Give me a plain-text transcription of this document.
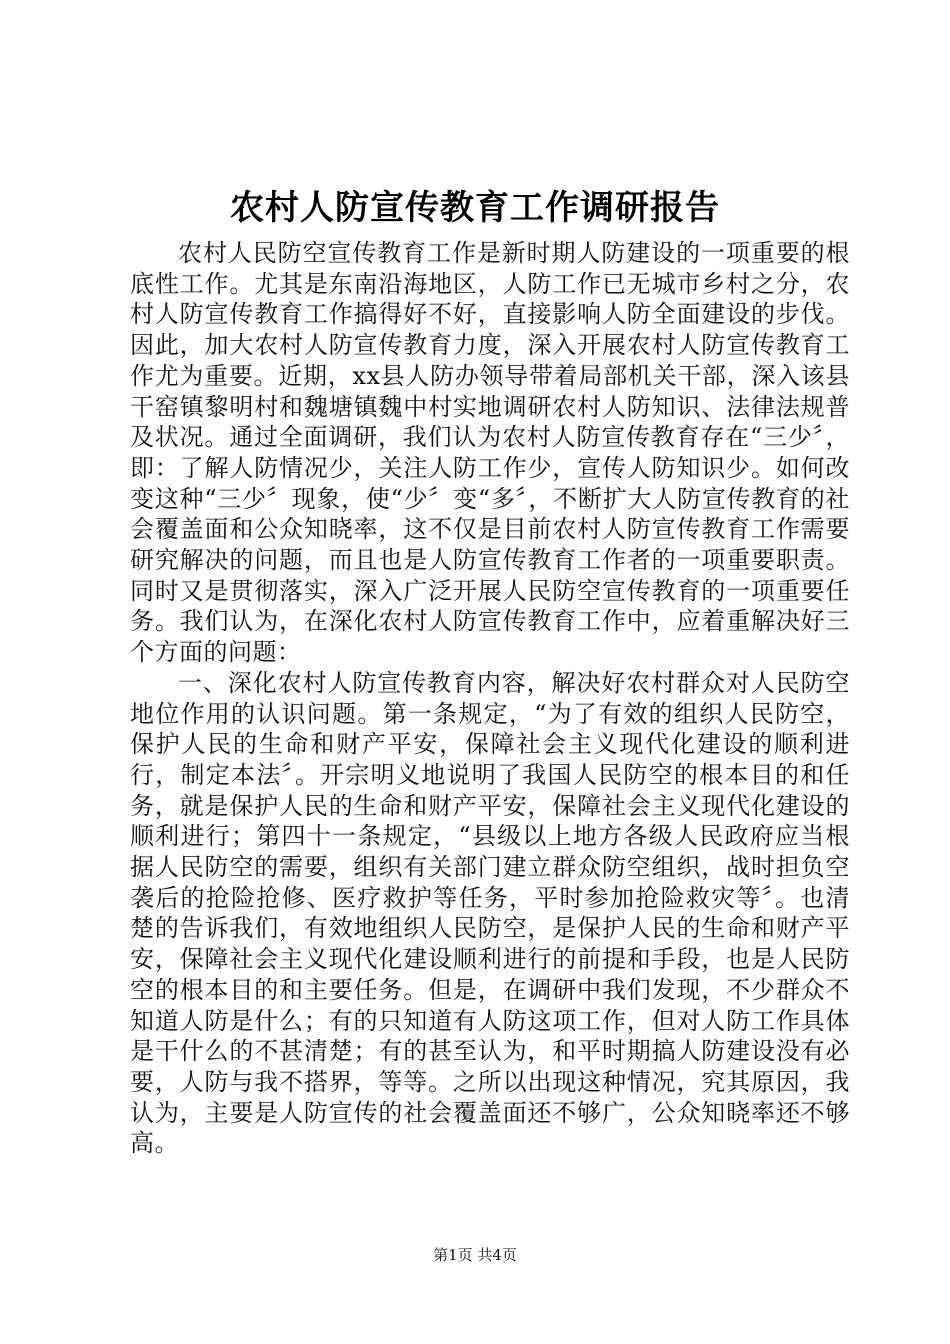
农村人防宣传教育工作调研报告

农村人民防空宣传教育工作是新时期人防建设的一项重要的根底性工作。尤其是东南沿海地区，人防工作已无城市乡村之分，农村人防宣传教育工作搞得好不好，直接影响人防全面建设的步伐。因此，加大农村人防宣传教育力度，深入开展农村人防宣传教育工作尤为重要。近期，xx县人防办领导带着局部机关干部，深入该县干窑镇黎明村和魏塘镇魏中村实地调研农村人防知识、法律法规普及状况。通过全面调研，我们认为农村人防宣传教育存在“三少〞，即：了解人防情况少，关注人防工作少，宣传人防知识少。如何改变这种“三少〞现象，使“少〞变“多〞，不断扩大人防宣传教育的社会覆盖面和公众知晓率，这不仅是目前农村人防宣传教育工作需要研究解决的问题，而且也是人防宣传教育工作者的一项重要职责。同时又是贯彻落实，深入广泛开展人民防空宣传教育的一项重要任务。我们认为，在深化农村人防宣传教育工作中，应着重解决好三个方面的问题：

一、深化农村人防宣传教育内容，解决好农村群众对人民防空地位作用的认识问题。第一条规定，“为了有效的组织人民防空，保护人民的生命和财产平安，保障社会主义现代化建设的顺利进行，制定本法〞。开宗明义地说明了我国人民防空的根本目的和任务，就是保护人民的生命和财产平安，保障社会主义现代化建设的顺利进行；第四十一条规定，“县级以上地方各级人民政府应当根据人民防空的需要，组织有关部门建立群众防空组织，战时担负空袭后的抢险抢修、医疗救护等任务，平时参加抢险救灾等〞。也清楚的告诉我们，有效地组织人民防空，是保护人民的生命和财产平安，保障社会主义现代化建设顺利进行的前提和手段，也是人民防空的根本目的和主要任务。但是，在调研中我们发现，不少群众不知道人防是什么；有的只知道有人防这项工作，但对人防工作具体是干什么的不甚清楚；有的甚至认为，和平时期搞人防建设没有必要，人防与我不搭界，等等。之所以出现这种情况，究其原因，我认为，主要是人防宣传的社会覆盖面还不够广，公众知晓率还不够高。

第1页 共4页
